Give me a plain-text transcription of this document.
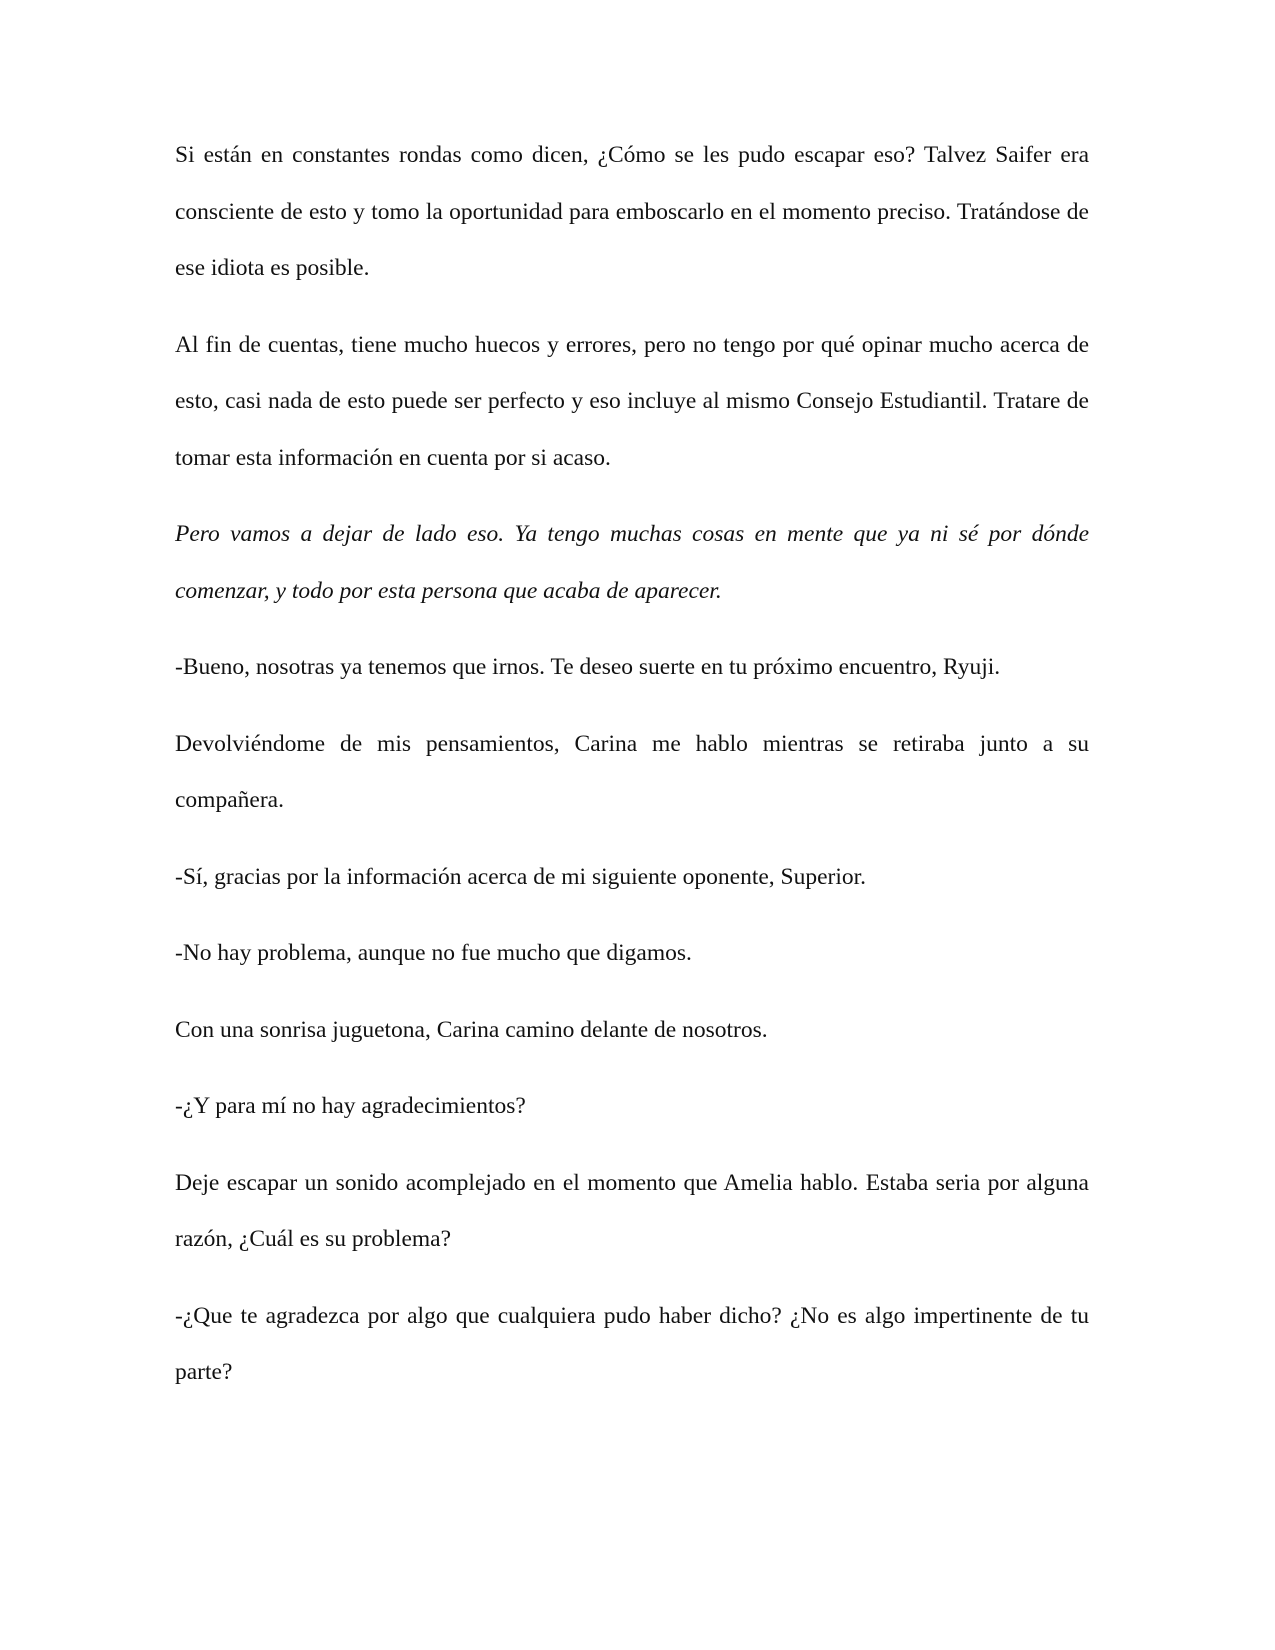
Si están en constantes rondas como dicen, ¿Cómo se les pudo escapar eso? Talvez Saifer era consciente de esto y tomo la oportunidad para emboscarlo en el momento preciso. Tratándose de ese idiota es posible.

Al fin de cuentas, tiene mucho huecos y errores, pero no tengo por qué opinar mucho acerca de esto, casi nada de esto puede ser perfecto y eso incluye al mismo Consejo Estudiantil. Tratare de tomar esta información en cuenta por si acaso.

Pero vamos a dejar de lado eso. Ya tengo muchas cosas en mente que ya ni sé por dónde comenzar, y todo por esta persona que acaba de aparecer.

-Bueno, nosotras ya tenemos que irnos. Te deseo suerte en tu próximo encuentro, Ryuji.

Devolviéndome de mis pensamientos, Carina me hablo mientras se retiraba junto a su compañera.

-Sí, gracias por la información acerca de mi siguiente oponente, Superior.

-No hay problema, aunque no fue mucho que digamos.

Con una sonrisa juguetona, Carina camino delante de nosotros.

-¿Y para mí no hay agradecimientos?

Deje escapar un sonido acomplejado en el momento que Amelia hablo. Estaba seria por alguna razón, ¿Cuál es su problema?

-¿Que te agradezca por algo que cualquiera pudo haber dicho? ¿No es algo impertinente de tu parte?
